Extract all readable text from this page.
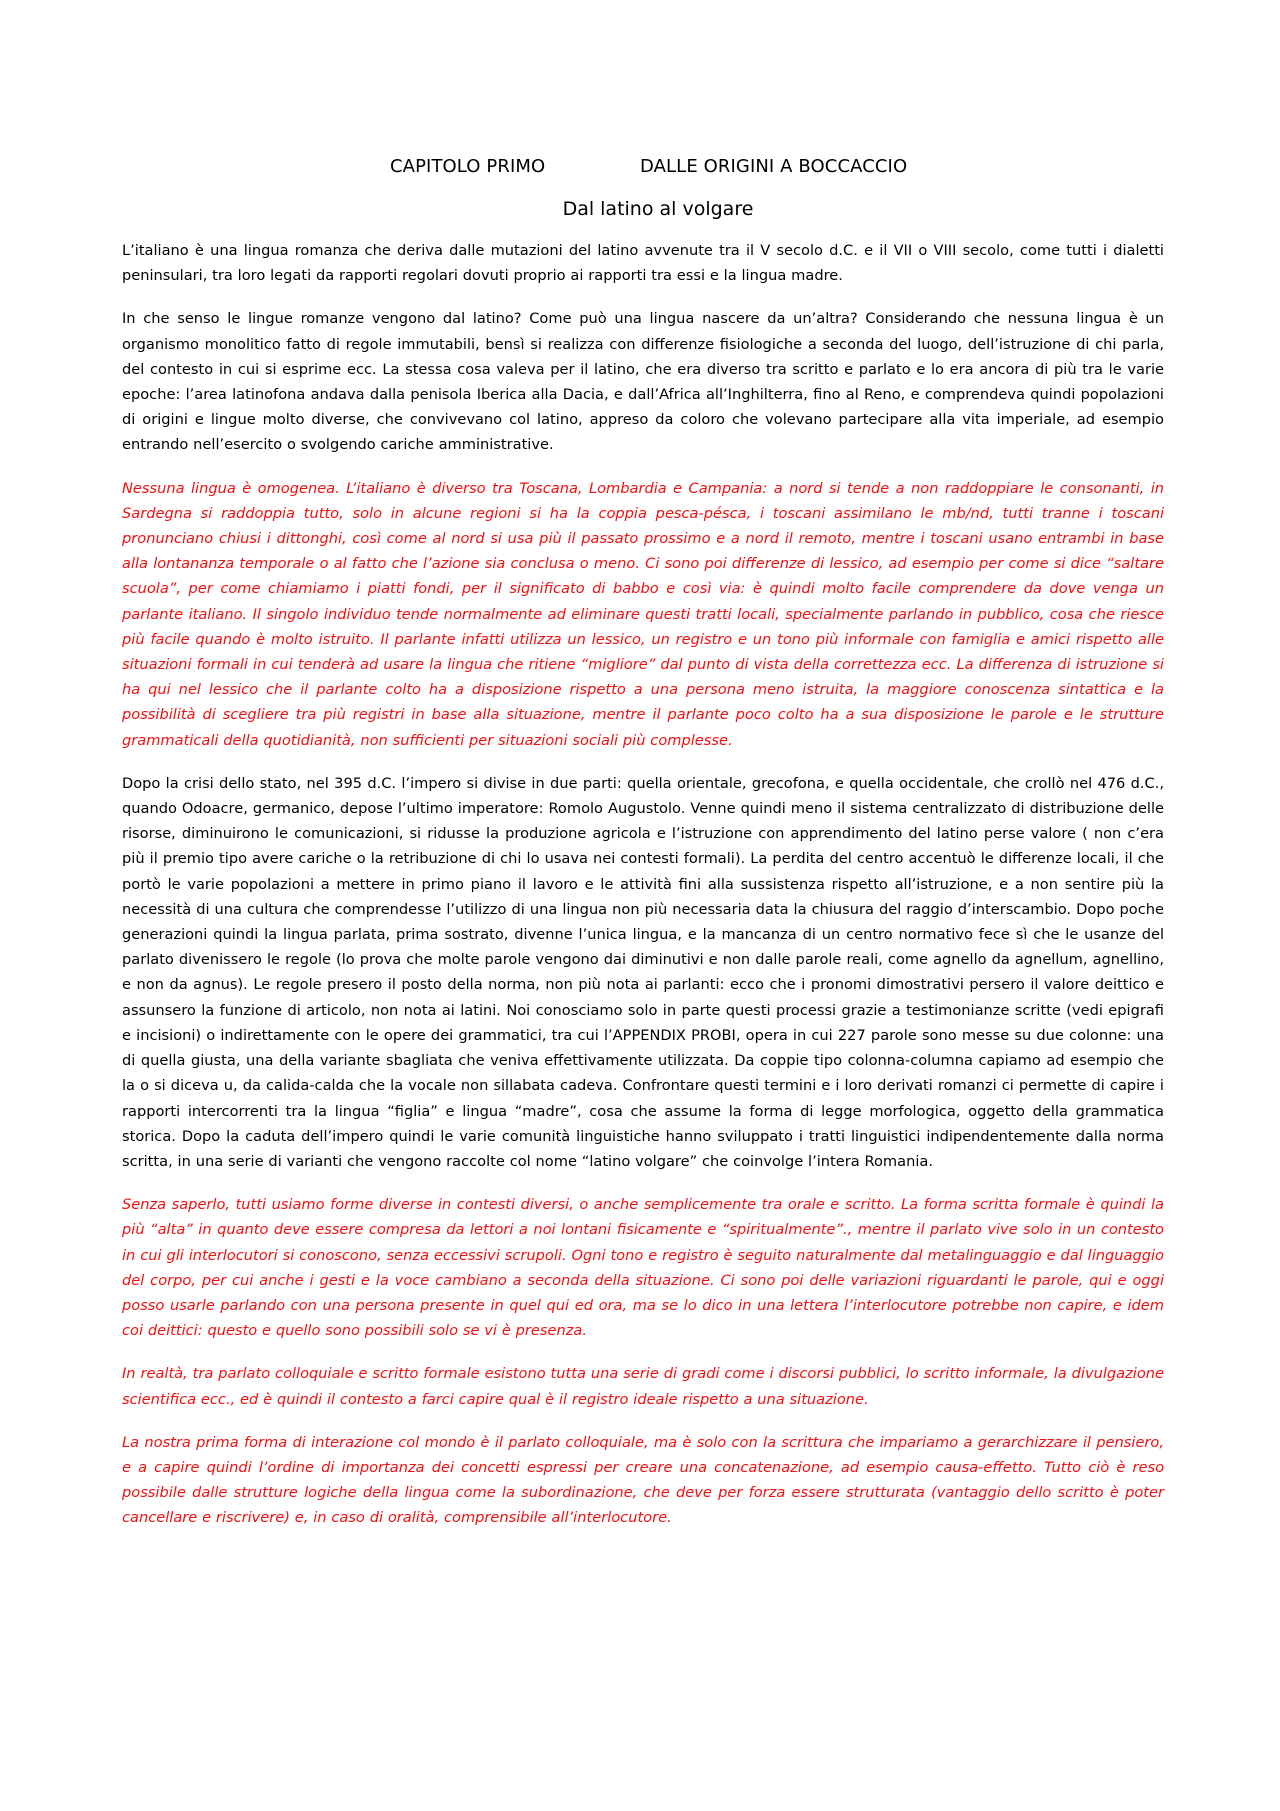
CAPITOLO PRIMO	DALLE ORIGINI A BOCCACCIO
Dal latino al volgare

L’italiano è una lingua romanza che deriva dalle mutazioni del latino avvenute tra il V secolo d.C. e il VII o VIII secolo, come tutti i dialetti peninsulari, tra loro legati da rapporti regolari dovuti proprio ai rapporti tra essi e la lingua madre.

In che senso le lingue romanze vengono dal latino? Come può una lingua nascere da un’altra? Considerando che nessuna lingua è un organismo monolitico fatto di regole immutabili, bensì si realizza con differenze fisiologiche a seconda del luogo, dell’istruzione di chi parla, del contesto in cui si esprime ecc. La stessa cosa valeva per il latino, che era diverso tra scritto e parlato e lo era ancora di più tra le varie epoche: l’area latinofona andava dalla penisola Iberica alla Dacia, e dall’Africa all’Inghilterra, fino al Reno, e comprendeva quindi popolazioni di origini e lingue molto diverse, che convivevano col latino, appreso da coloro che volevano partecipare alla vita imperiale, ad esempio entrando nell’esercito o svolgendo cariche amministrative.

Nessuna lingua è omogenea. L’italiano è diverso tra Toscana, Lombardia e Campania: a nord si tende a non raddoppiare le consonanti, in Sardegna si raddoppia tutto, solo in alcune regioni si ha la coppia pesca-pésca, i toscani assimilano le mb/nd, tutti tranne i toscani pronunciano chiusi i dittonghi, così come al nord si usa più il passato prossimo e a nord il remoto, mentre i toscani usano entrambi in base alla lontananza temporale o al fatto che l’azione sia conclusa o meno. Ci sono poi differenze di lessico, ad esempio per come si dice “saltare scuola”, per come chiamiamo i piatti fondi, per il significato di babbo e così via: è quindi molto facile comprendere da dove venga un parlante italiano. Il singolo individuo tende normalmente ad eliminare questi tratti locali, specialmente parlando in pubblico, cosa che riesce più facile quando è molto istruito. Il parlante infatti utilizza un lessico, un registro e un tono più informale con famiglia e amici rispetto alle situazioni formali in cui tenderà ad usare la lingua che ritiene “migliore” dal punto di vista della correttezza ecc. La differenza di istruzione si ha qui nel lessico che il parlante colto ha a disposizione rispetto a una persona meno istruita, la maggiore conoscenza sintattica e la possibilità di scegliere tra più registri in base alla situazione, mentre il parlante poco colto ha a sua disposizione le parole e le strutture grammaticali della quotidianità, non sufficienti per situazioni sociali più complesse.

Dopo la crisi dello stato, nel 395 d.C. l’impero si divise in due parti: quella orientale, grecofona, e quella occidentale, che crollò nel 476 d.C., quando Odoacre, germanico, depose l’ultimo imperatore: Romolo Augustolo. Venne quindi meno il sistema centralizzato di distribuzione delle risorse, diminuirono le comunicazioni, si ridusse la produzione agricola e l’istruzione con apprendimento del latino perse valore ( non c’era più il premio tipo avere cariche o la retribuzione di chi lo usava nei contesti formali). La perdita del centro accentuò le differenze locali, il che portò le varie popolazioni a mettere in primo piano il lavoro e le attività fini alla sussistenza rispetto all’istruzione, e a non sentire più la necessità di una cultura che comprendesse l’utilizzo di una lingua non più necessaria data la chiusura del raggio d’interscambio. Dopo poche generazioni quindi la lingua parlata, prima sostrato, divenne l’unica lingua, e la mancanza di un centro normativo fece sì che le usanze del parlato divenissero le regole (lo prova che molte parole vengono dai diminutivi e non dalle parole reali, come agnello da agnellum, agnellino, e non da agnus). Le regole presero il posto della norma, non più nota ai parlanti: ecco che i pronomi dimostrativi persero il valore deittico e assunsero la funzione di articolo, non nota ai latini. Noi conosciamo solo in parte questi processi grazie a testimonianze scritte (vedi epigrafi e incisioni) o indirettamente con le opere dei grammatici, tra cui l’APPENDIX PROBI, opera in cui 227 parole sono messe su due colonne: una di quella giusta, una della variante sbagliata che veniva effettivamente utilizzata. Da coppie tipo colonna-columna capiamo ad esempio che la o si diceva u, da calida-calda che la vocale non sillabata cadeva. Confrontare questi termini e i loro derivati romanzi ci permette di capire i rapporti intercorrenti tra la lingua “figlia” e lingua “madre”, cosa che assume la forma di legge morfologica, oggetto della grammatica storica. Dopo la caduta dell’impero quindi le varie comunità linguistiche hanno sviluppato i tratti linguistici indipendentemente dalla norma scritta, in una serie di varianti che vengono raccolte col nome “latino volgare” che coinvolge l’intera Romania.

Senza saperlo, tutti usiamo forme diverse in contesti diversi, o anche semplicemente tra orale e scritto. La forma scritta formale è quindi la più “alta” in quanto deve essere compresa da lettori a noi lontani fisicamente e “spiritualmente”., mentre il parlato vive solo in un contesto in cui gli interlocutori si conoscono, senza eccessivi scrupoli. Ogni tono e registro è seguito naturalmente dal metalinguaggio e dal linguaggio del corpo, per cui anche i gesti e la voce cambiano a seconda della situazione. Ci sono poi delle variazioni riguardanti le parole, qui e oggi posso usarle parlando con una persona presente in quel qui ed ora, ma se lo dico in una lettera l’interlocutore potrebbe non capire, e idem coi deittici: questo e quello sono possibili solo se vi è presenza.

In realtà, tra parlato colloquiale e scritto formale esistono tutta una serie di gradi come i discorsi pubblici, lo scritto informale, la divulgazione scientifica ecc., ed è quindi il contesto a farci capire qual è il registro ideale rispetto a una situazione.

La nostra prima forma di interazione col mondo è il parlato colloquiale, ma è solo con la scrittura che impariamo a gerarchizzare il pensiero, e a capire quindi l’ordine di importanza dei concetti espressi per creare una concatenazione, ad esempio causa-effetto. Tutto ciò è reso possibile dalle strutture logiche della lingua come la subordinazione, che deve per forza essere strutturata (vantaggio dello scritto è poter cancellare e riscrivere) e, in caso di oralità, comprensibile all’interlocutore.
